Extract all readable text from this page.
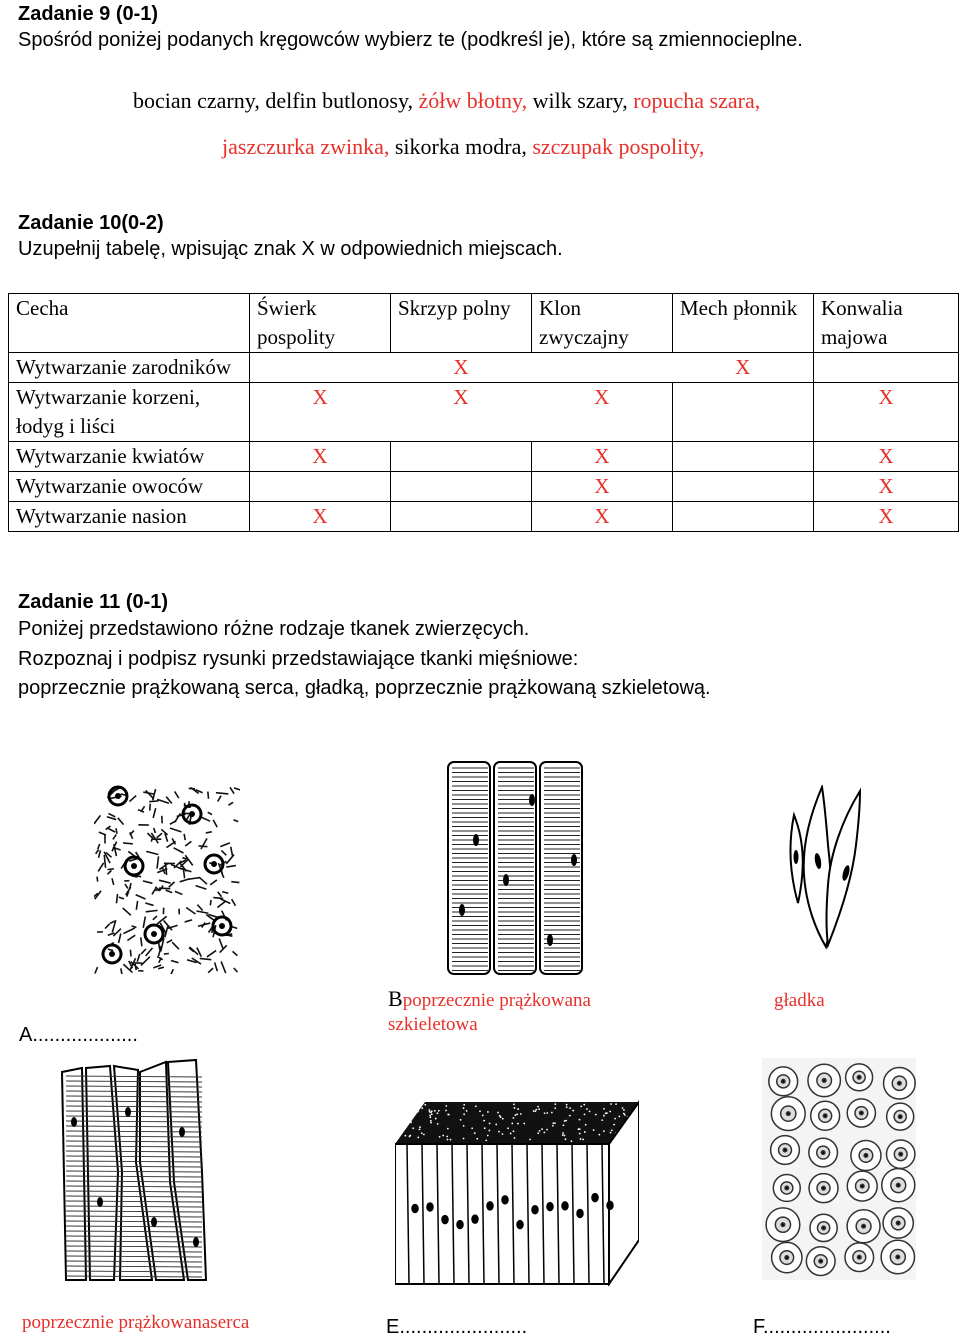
Zadanie 9 (0-1)
Spośród poniżej podanych kręgowców wybierz te (podkreśl je), które są zmiennocieplne.
bocian czarny, delfin butlonosy, żółw błotny, wilk szary, ropucha szara,
jaszczurka zwinka, sikorka modra, szczupak pospolity,
Zadanie 10(0-2)
Uzupełnij tabelę, wpisując znak X w odpowiednich miejscach.
Cecha	Świerk pospolity	Skrzyp polny	Klon zwyczajny	Mech płonnik	Konwalia majowa
Wytwarzanie zarodników		X		X	
Wytwarzanie korzeni, łodyg i liści	X	X	X		X
Wytwarzanie kwiatów	X		X		X
Wytwarzanie owoców			X		X
Wytwarzanie nasion	X		X		X
Zadanie 11 (0-1)
Poniżej przedstawiono różne rodzaje tkanek zwierzęcych.
Rozpoznaj i podpisz rysunki przedstawiające tkanki mięśniowe:
poprzecznie prążkowaną serca, gładką, poprzecznie prążkowaną szkieletową.
A...................
Bpoprzecznie prążkowana
szkieletowa
gładka
poprzecznie prążkowanaserca	E.......................	F.......................
